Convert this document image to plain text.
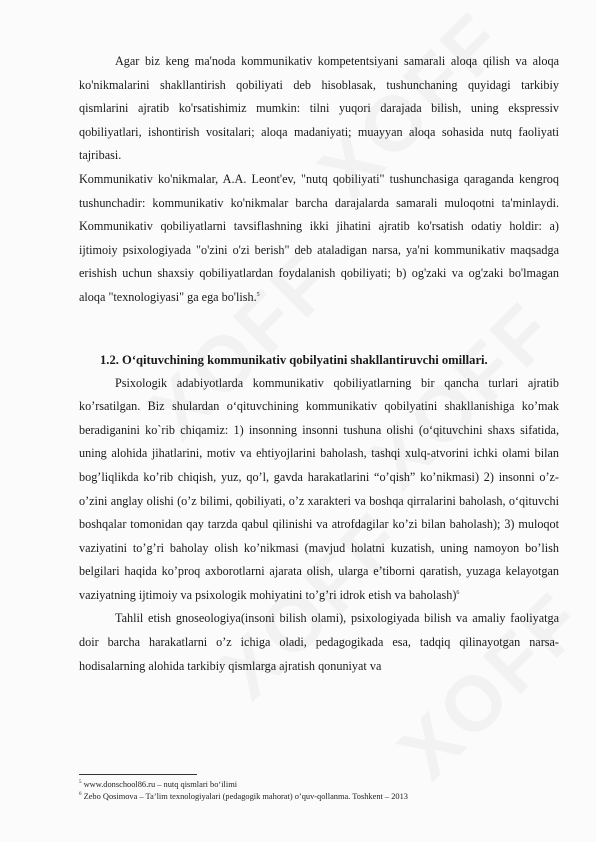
Agar biz keng ma'noda kommunikativ kompetentsiyani samarali aloqa qilish va aloqa ko'nikmalarini shakllantirish qobiliyati deb hisoblasak, tushunchaning quyidagi tarkibiy qismlarini ajratib ko'rsatishimiz mumkin: tilni yuqori darajada bilish, uning ekspressiv qobiliyatlari, ishontirish vositalari; aloqa madaniyati; muayyan aloqa sohasida nutq faoliyati tajribasi.

Kommunikativ ko'nikmalar, A.A. Leont'ev, "nutq qobiliyati" tushunchasiga qaraganda kengroq tushunchadir: kommunikativ ko'nikmalar barcha darajalarda samarali muloqotni ta'minlaydi. Kommunikativ qobiliyatlarni tavsiflashning ikki jihatini ajratib ko'rsatish odatiy holdir: a) ijtimoiy psixologiyada "o'zini o'zi berish" deb ataladigan narsa, ya'ni kommunikativ maqsadga erishish uchun shaxsiy qobiliyatlardan foydalanish qobiliyati; b) og'zaki va og'zaki bo'lmagan aloqa "texnologiyasi" ga ega bo'lish.$^5$

1.2. O‘qituvchining kommunikativ qobilyatini shakllantiruvchi omillari.

Psixologik adabiyotlarda kommunikativ qobiliyatlarning bir qancha turlari ajratib ko’rsatilgan. Biz shulardan o‘qituvchining kommunikativ qobilyatini shakllanishiga ko’mak beradiganini ko`rib chiqamiz: 1) insonning insonni tushuna olishi (o‘qituvchini shaxs sifatida, uning alohida jihatlarini, motiv va ehtiyojlarini baholash, tashqi xulq-atvorini ichki olami bilan bog’liqlikda ko’rib chiqish, yuz, qo’l, gavda harakatlarini “o’qish” ko’nikmasi) 2) insonni o’z-o’zini anglay olishi (o’z bilimi, qobiliyati, o’z xarakteri va boshqa qirralarini baholash, o‘qituvchi boshqalar tomonidan qay tarzda qabul qilinishi va atrofdagilar ko’zi bilan baholash); 3) muloqot vaziyatini to’g’ri baholay olish ko’nikmasi (mavjud holatni kuzatish, uning namoyon bo’lish belgilari haqida ko’proq axborotlarni ajarata olish, ularga e’tiborni qaratish, yuzaga kelayotgan vaziyatning ijtimoiy va psixologik mohiyatini to’g’ri idrok etish va baholash)$^6$

Tahlil etish gnoseologiya(insoni bilish olami), psixologiyada bilish va amaliy faoliyatga doir barcha harakatlarni o’z ichiga oladi, pedagogikada esa, tadqiq qilinayotgan narsa-hodisalarning alohida tarkibiy qismlarga ajratish qonuniyat va

$^5$ www.donschool86.ru – nutq qismlari bo‘ilimi
$^6$ Zebo Qosimova – Ta’lim texnologiyalari (pedagogik mahorat) o’quv-qollanma. Toshkent – 2013
